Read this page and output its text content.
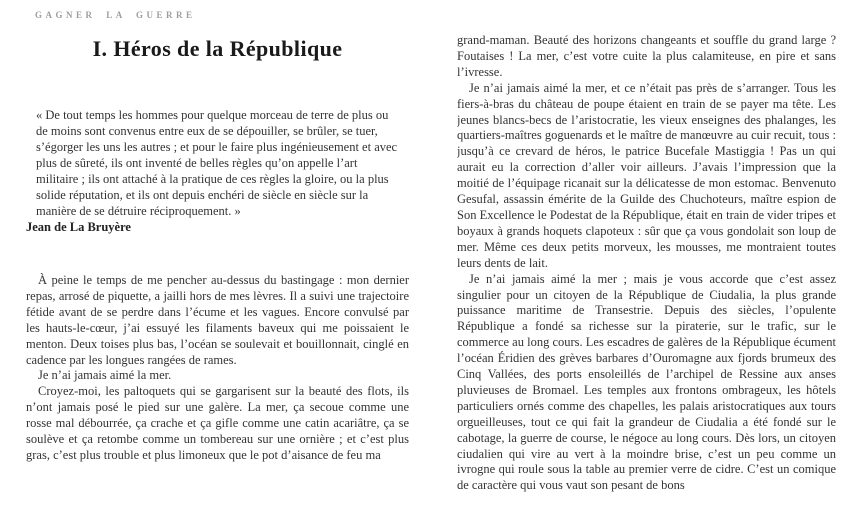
GAGNER LA GUERRE
I. Héros de la République
« De tout temps les hommes pour quelque morceau de terre de plus ou de moins sont convenus entre eux de se dépouiller, se brûler, se tuer, s’égorger les uns les autres ; et pour le faire plus ingénieusement et avec plus de sûreté, ils ont inventé de belles règles qu’on appelle l’art militaire ; ils ont attaché à la pratique de ces règles la gloire, ou la plus solide réputation, et ils ont depuis enchéri de siècle en siècle sur la manière de se détruire réciproquement. »
Jean de La Bruyère

À peine le temps de me pencher au-dessus du bastingage : mon dernier repas, arrosé de piquette, a jailli hors de mes lèvres. Il a suivi une trajectoire fétide avant de se perdre dans l’écume et les vagues. Encore convulsé par les hauts-le-cœur, j’ai essuyé les filaments baveux qui me poissaient le menton. Deux toises plus bas, l’océan se soulevait et bouillonnait, cinglé en cadence par les longues rangées de rames.

Je n’ai jamais aimé la mer.

Croyez-moi, les paltoquets qui se gargarisent sur la beauté des flots, ils n’ont jamais posé le pied sur une galère. La mer, ça secoue comme une rosse mal débourrée, ça crache et ça gifle comme une catin acariâtre, ça se soulève et ça retombe comme un tombereau sur une ornière ; et c’est plus gras, c’est plus trouble et plus limoneux que le pot d’aisance de feu ma

grand-maman. Beauté des horizons changeants et souffle du grand large ? Foutaises ! La mer, c’est votre cuite la plus calamiteuse, en pire et sans l’ivresse.

Je n’ai jamais aimé la mer, et ce n’était pas près de s’arranger. Tous les fiers-à-bras du château de poupe étaient en train de se payer ma tête. Les jeunes blancs-becs de l’aristocratie, les vieux enseignes des phalanges, les quartiers-maîtres goguenards et le maître de manœuvre au cuir recuit, tous : jusqu’à ce crevard de héros, le patrice Bucefale Mastiggia ! Pas un qui aurait eu la correction d’aller voir ailleurs. J’avais l’impression que la moitié de l’équipage ricanait sur la délicatesse de mon estomac. Benvenuto Gesufal, assassin émérite de la Guilde des Chuchoteurs, maître espion de Son Excellence le Podestat de la République, était en train de vider tripes et boyaux à grands hoquets clapoteux : sûr que ça vous gondolait son loup de mer. Même ces deux petits morveux, les mousses, me montraient toutes leurs dents de lait.

Je n’ai jamais aimé la mer ; mais je vous accorde que c’est assez singulier pour un citoyen de la République de Ciudalia, la plus grande puissance maritime de Transestrie. Depuis des siècles, l’opulente République a fondé sa richesse sur la piraterie, sur le trafic, sur le commerce au long cours. Les escadres de galères de la République écument l’océan Éridien des grèves barbares d’Ouromagne aux fjords brumeux des Cinq Vallées, des ports ensoleillés de l’archipel de Ressine aux anses pluvieuses de Bromael. Les temples aux frontons ombrageux, les hôtels particuliers ornés comme des chapelles, les palais aristocratiques aux tours orgueilleuses, tout ce qui fait la grandeur de Ciudalia a été fondé sur le cabotage, la guerre de course, le négoce au long cours. Dès lors, un citoyen ciudalien qui vire au vert à la moindre brise, c’est un peu comme un ivrogne qui roule sous la table au premier verre de cidre. C’est un comique de caractère qui vous vaut son pesant de bons
